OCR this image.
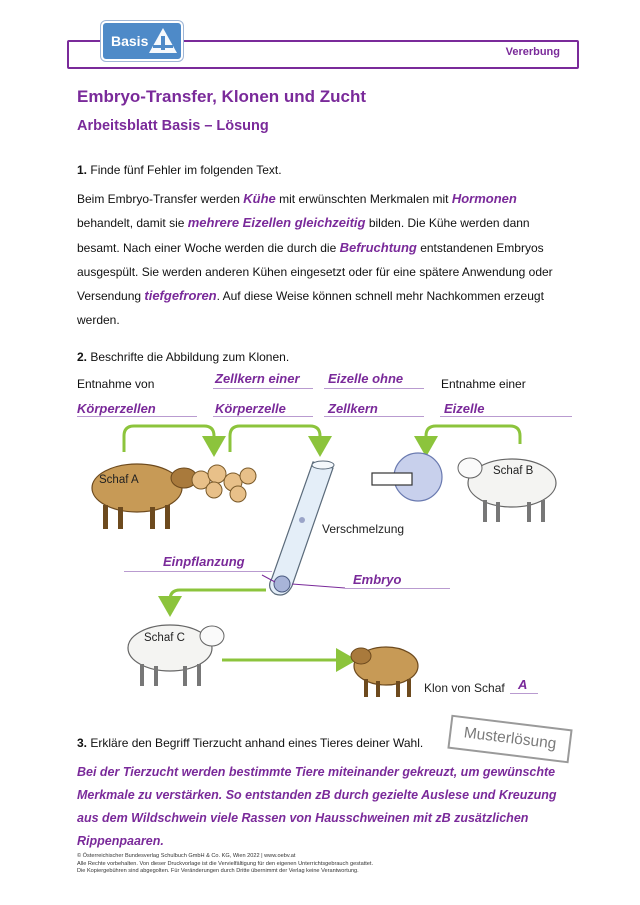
Basis
Vererbung
Embryo-Transfer, Klonen und Zucht
Arbeitsblatt Basis – Lösung
1. Finde fünf Fehler im folgenden Text.
Beim Embryo-Transfer werden Kühe mit erwünschten Merkmalen mit Hormonen behandelt, damit sie mehrere Eizellen gleichzeitig bilden. Die Kühe werden dann besamt. Nach einer Woche werden die durch die Befruchtung entstandenen Embryos ausgespült. Sie werden anderen Kühen eingesetzt oder für eine spätere Anwendung oder Versendung tiefgefroren. Auf diese Weise können schnell mehr Nachkommen erzeugt werden.
2. Beschrifte die Abbildung zum Klonen.
Entnahme von
Körperzellen
Zellkern einer
Körperzelle
Eizelle ohne
Zellkern
Entnahme einer
Eizelle
Schaf A
Schaf B
Schaf C
Verschmelzung
Einpflanzung
Embryo
Klon von Schaf A
3. Erkläre den Begriff Tierzucht anhand eines Tieres deiner Wahl.	Musterlösung
Bei der Tierzucht werden bestimmte Tiere miteinander gekreuzt, um gewünschte Merkmale zu verstärken. So entstanden zB durch gezielte Auslese und Kreuzung aus dem Wildschwein viele Rassen von Hausschweinen mit zB zusätzlichen Rippenpaaren.
© Österreichischer Bundesverlag Schulbuch GmbH & Co. KG, Wien 2022 | www.oebv.at
Alle Rechte vorbehalten. Von dieser Druckvorlage ist die Vervielfältigung für den eigenen Unterrichtsgebrauch gestattet.
Die Kopiergebühren sind abgegolten. Für Veränderungen durch Dritte übernimmt der Verlag keine Verantwortung.
